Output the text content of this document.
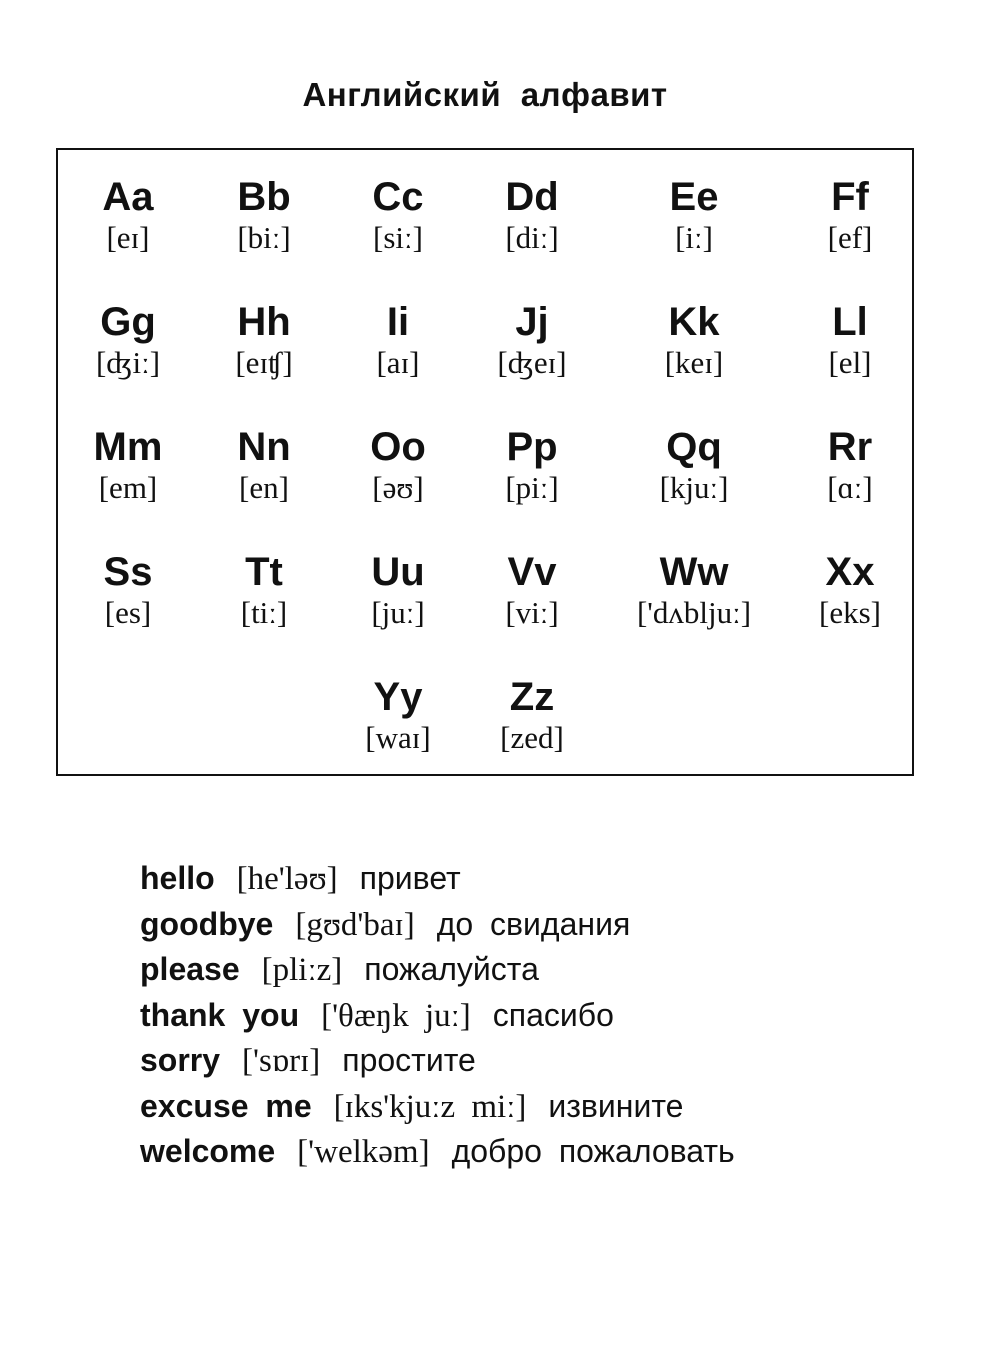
Английский алфавит
Aa
[eɪ]
Bb
[biː]
Cc
[siː]
Dd
[diː]
Ee
[iː]
Ff
[ef]
Gg
[ʤiː]
Hh
[eɪʧ]
Ii
[aɪ]
Jj
[ʤeɪ]
Kk
[keɪ]
Ll
[el]
Mm
[em]
Nn
[en]
Oo
[əʊ]
Pp
[piː]
Qq
[kjuː]
Rr
[ɑː]
Ss
[es]
Tt
[tiː]
Uu
[juː]
Vv
[viː]
Ww
['dʌbljuː]
Xx
[eks]
Yy
[waɪ]
Zz
[zed]
hello [he'ləʊ] привет
goodbye [gʊd'baɪ] до свидания
please [pliːz] пожалуйста
thank you ['θæŋk juː] спасибо
sorry ['sɒrɪ] простите
excuse me [ɪks'kjuːz miː] извините
welcome ['welkəm] добро пожаловать
